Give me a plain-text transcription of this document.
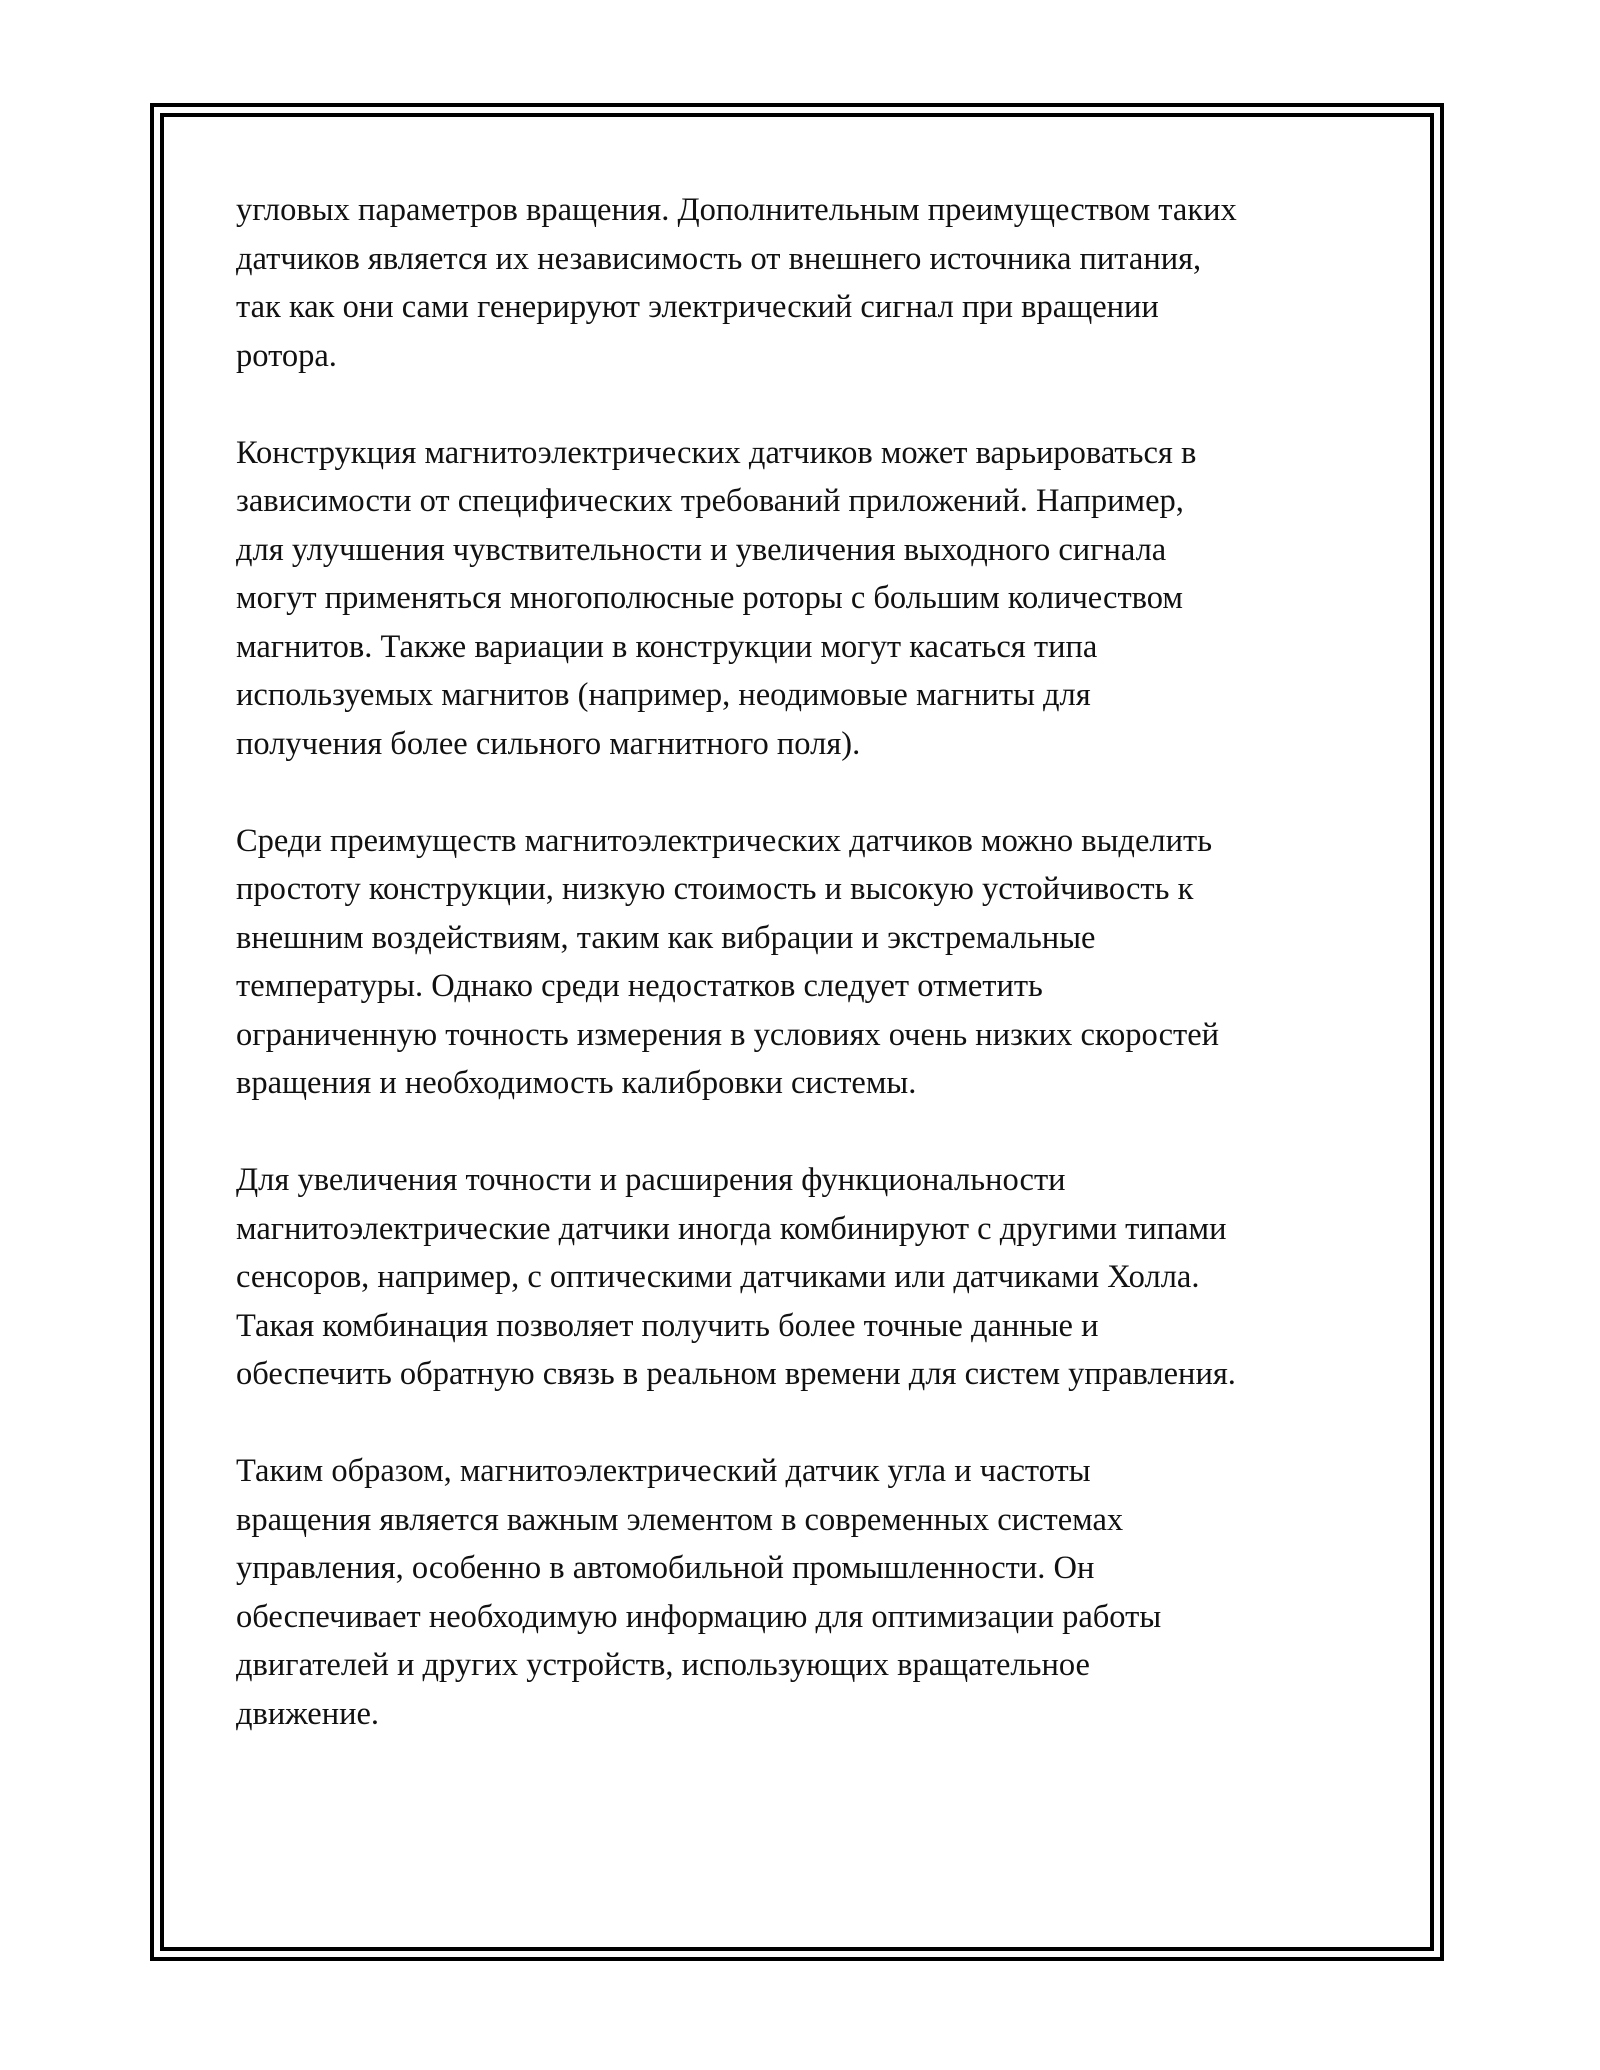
угловых параметров вращения. Дополнительным преимуществом таких
датчиков является их независимость от внешнего источника питания,
так как они сами генерируют электрический сигнал при вращении
ротора.

Конструкция магнитоэлектрических датчиков может варьироваться в
зависимости от специфических требований приложений. Например,
для улучшения чувствительности и увеличения выходного сигнала
могут применяться многополюсные роторы с большим количеством
магнитов. Также вариации в конструкции могут касаться типа
используемых магнитов (например, неодимовые магниты для
получения более сильного магнитного поля).

Среди преимуществ магнитоэлектрических датчиков можно выделить
простоту конструкции, низкую стоимость и высокую устойчивость к
внешним воздействиям, таким как вибрации и экстремальные
температуры. Однако среди недостатков следует отметить
ограниченную точность измерения в условиях очень низких скоростей
вращения и необходимость калибровки системы.

Для увеличения точности и расширения функциональности
магнитоэлектрические датчики иногда комбинируют с другими типами
сенсоров, например, с оптическими датчиками или датчиками Холла.
Такая комбинация позволяет получить более точные данные и
обеспечить обратную связь в реальном времени для систем управления.

Таким образом, магнитоэлектрический датчик угла и частоты
вращения является важным элементом в современных системах
управления, особенно в автомобильной промышленности. Он
обеспечивает необходимую информацию для оптимизации работы
двигателей и других устройств, использующих вращательное
движение.
